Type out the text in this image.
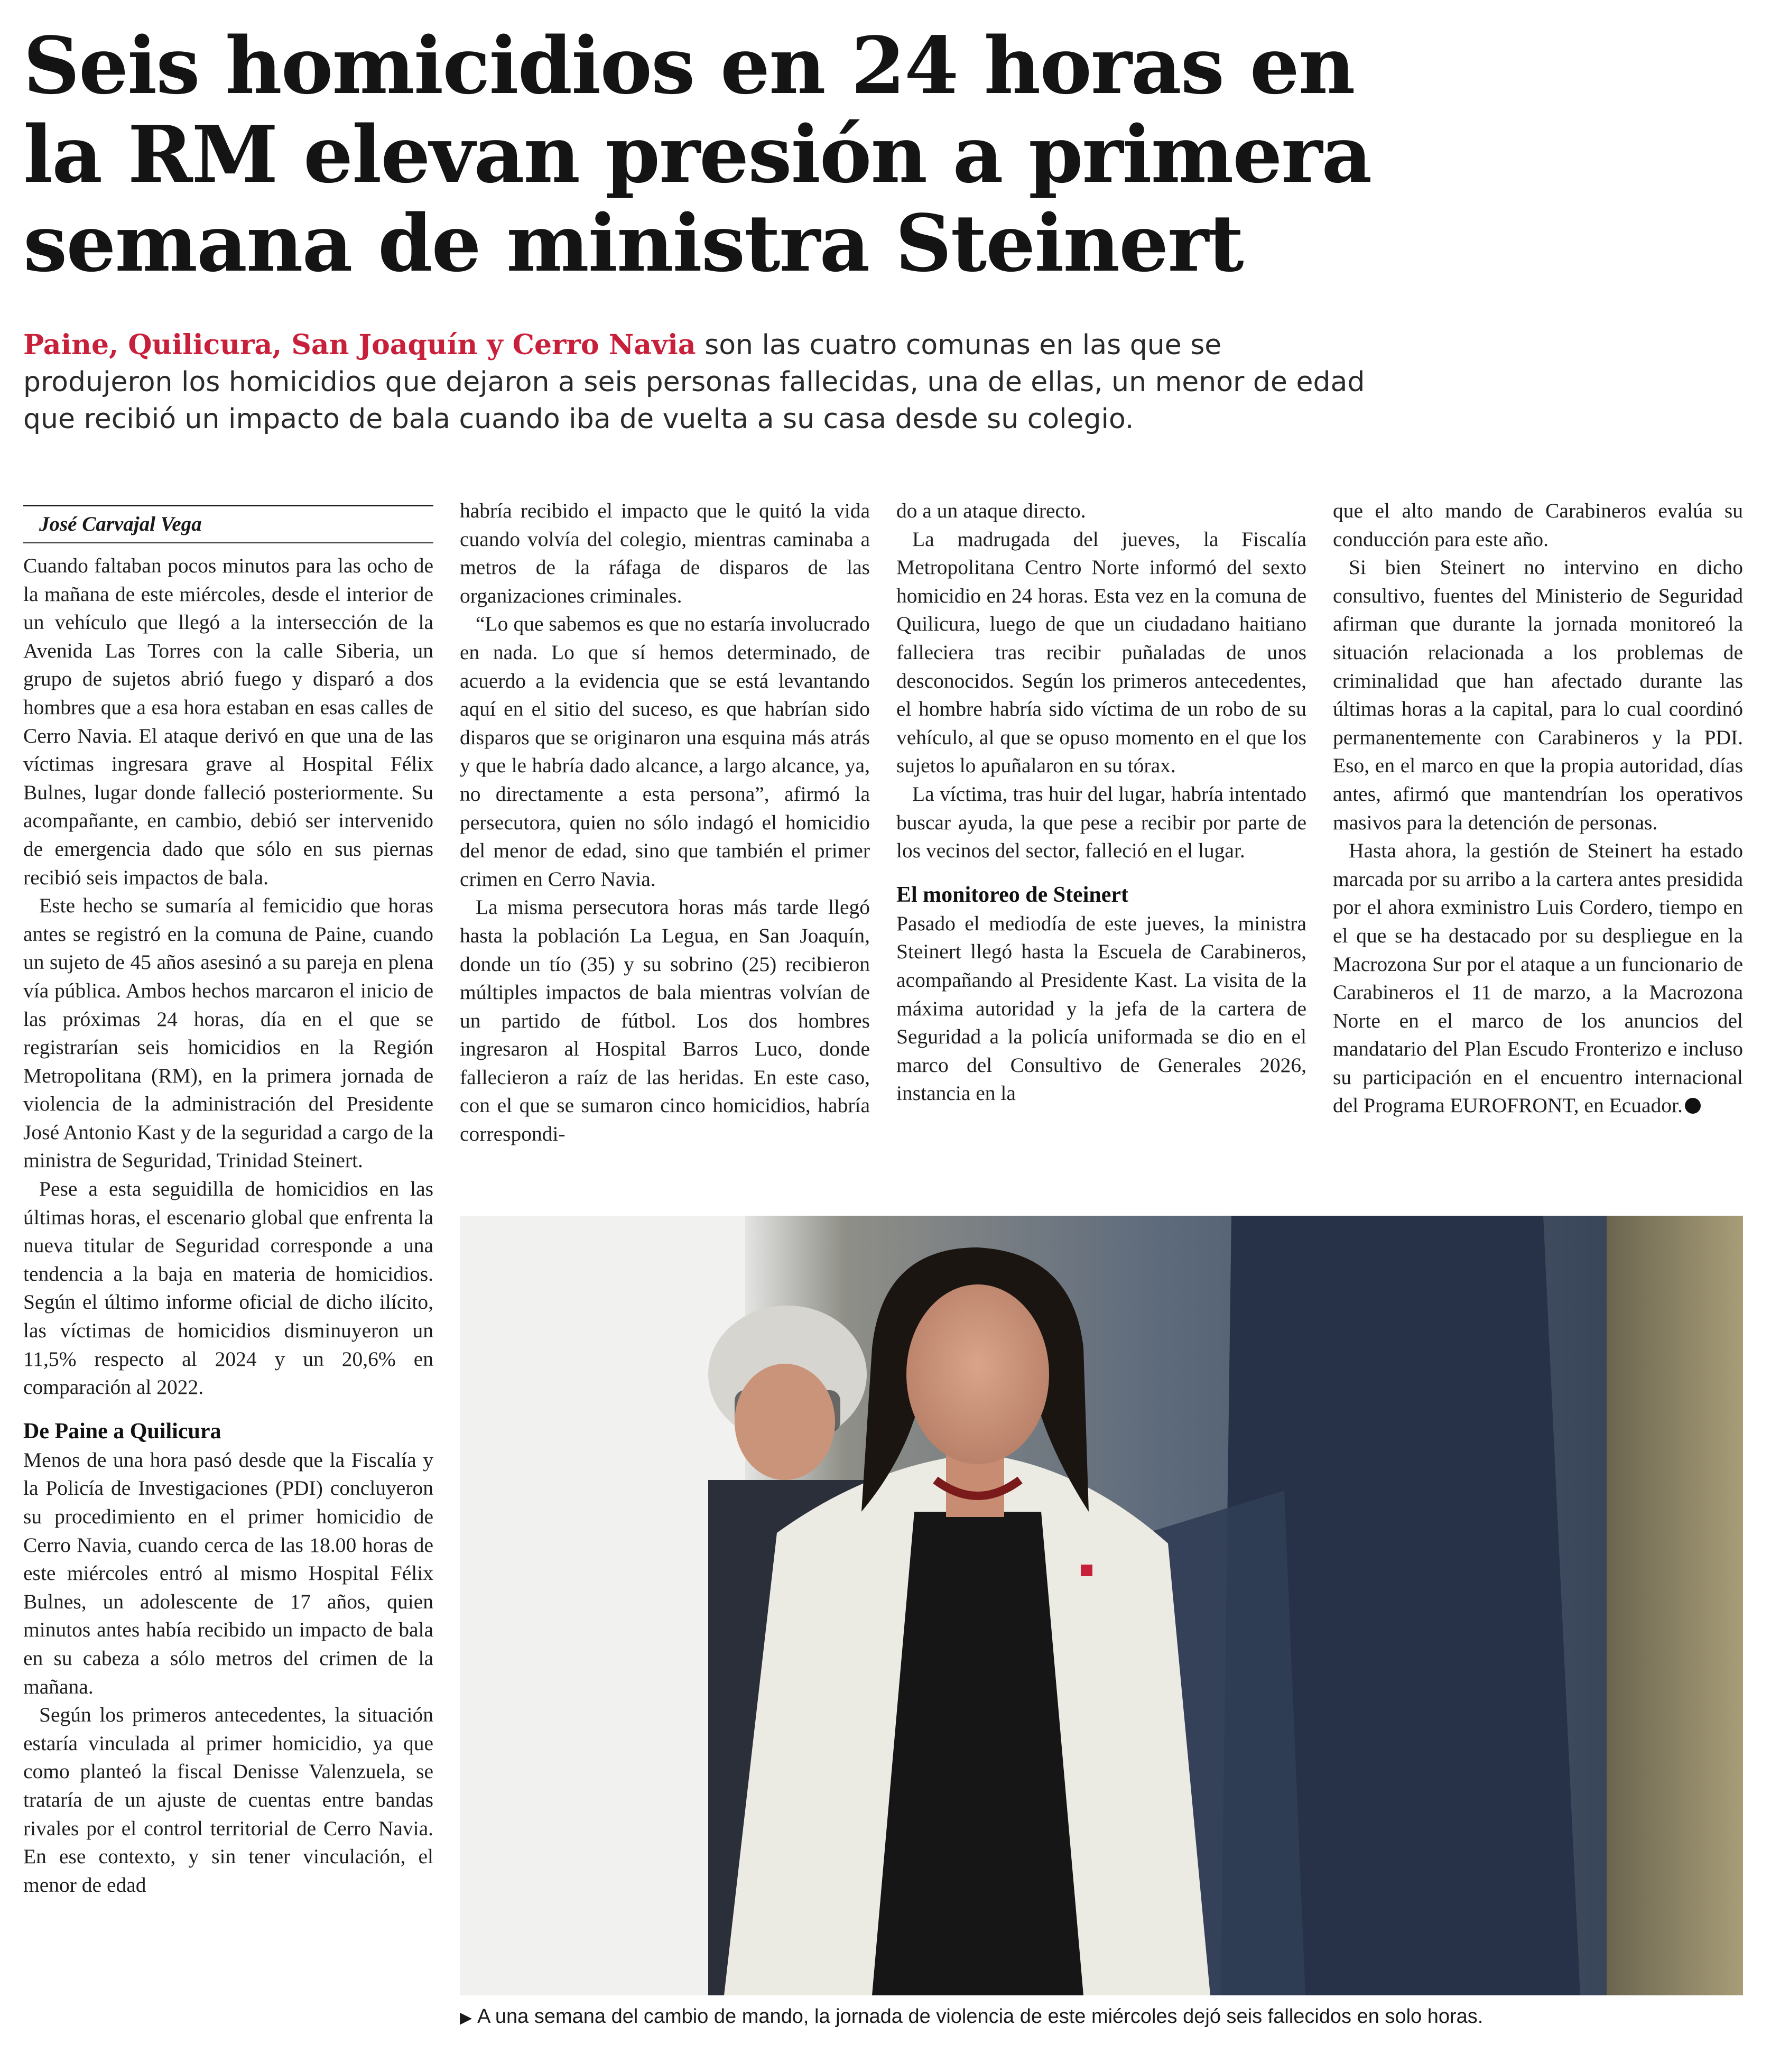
Seis homicidios en 24 horas en la RM elevan presión a primera semana de ministra Steinert

Paine, Quilicura, San Joaquín y Cerro Navia son las cuatro comunas en las que se produjeron los homicidios que dejaron a seis personas fallecidas, una de ellas, un menor de edad que recibió un impacto de bala cuando iba de vuelta a su casa desde su colegio.

José Carvajal Vega

Cuando faltaban pocos minutos para las ocho de la mañana de este miércoles, desde el interior de un vehículo que llegó a la intersección de la Avenida Las Torres con la calle Siberia, un grupo de sujetos abrió fuego y disparó a dos hombres que a esa hora estaban en esas calles de Cerro Navia. El ataque derivó en que una de las víctimas ingresara grave al Hospital Félix Bulnes, lugar donde falleció posteriormente. Su acompañante, en cambio, debió ser intervenido de emergencia dado que sólo en sus piernas recibió seis impactos de bala.

Este hecho se sumaría al femicidio que horas antes se registró en la comuna de Paine, cuando un sujeto de 45 años asesinó a su pareja en plena vía pública. Ambos hechos marcaron el inicio de las próximas 24 horas, día en el que se registrarían seis homicidios en la Región Metropolitana (RM), en la primera jornada de violencia de la administración del Presidente José Antonio Kast y de la seguridad a cargo de la ministra de Seguridad, Trinidad Steinert.

Pese a esta seguidilla de homicidios en las últimas horas, el escenario global que enfrenta la nueva titular de Seguridad corresponde a una tendencia a la baja en materia de homicidios. Según el último informe oficial de dicho ilícito, las víctimas de homicidios disminuyeron un 11,5% respecto al 2024 y un 20,6% en comparación al 2022.

De Paine a Quilicura

Menos de una hora pasó desde que la Fiscalía y la Policía de Investigaciones (PDI) concluyeron su procedimiento en el primer homicidio de Cerro Navia, cuando cerca de las 18.00 horas de este miércoles entró al mismo Hospital Félix Bulnes, un adolescente de 17 años, quien minutos antes había recibido un impacto de bala en su cabeza a sólo metros del crimen de la mañana.

Según los primeros antecedentes, la situación estaría vinculada al primer homicidio, ya que como planteó la fiscal Denisse Valenzuela, se trataría de un ajuste de cuentas entre bandas rivales por el control territorial de Cerro Navia. En ese contexto, y sin tener vinculación, el menor de edad

habría recibido el impacto que le quitó la vida cuando volvía del colegio, mientras caminaba a metros de la ráfaga de disparos de las organizaciones criminales.

“Lo que sabemos es que no estaría involucrado en nada. Lo que sí hemos determinado, de acuerdo a la evidencia que se está levantando aquí en el sitio del suceso, es que habrían sido disparos que se originaron una esquina más atrás y que le habría dado alcance, a largo alcance, ya, no directamente a esta persona”, afirmó la persecutora, quien no sólo indagó el homicidio del menor de edad, sino que también el primer crimen en Cerro Navia.

La misma persecutora horas más tarde llegó hasta la población La Legua, en San Joaquín, donde un tío (35) y su sobrino (25) recibieron múltiples impactos de bala mientras volvían de un partido de fútbol. Los dos hombres ingresaron al Hospital Barros Luco, donde fallecieron a raíz de las heridas. En este caso, con el que se sumaron cinco homicidios, habría correspondi-

do a un ataque directo.

La madrugada del jueves, la Fiscalía Metropolitana Centro Norte informó del sexto homicidio en 24 horas. Esta vez en la comuna de Quilicura, luego de que un ciudadano haitiano falleciera tras recibir puñaladas de unos desconocidos. Según los primeros antecedentes, el hombre habría sido víctima de un robo de su vehículo, al que se opuso momento en el que los sujetos lo apuñalaron en su tórax.

La víctima, tras huir del lugar, habría intentado buscar ayuda, la que pese a recibir por parte de los vecinos del sector, falleció en el lugar.

El monitoreo de Steinert

Pasado el mediodía de este jueves, la ministra Steinert llegó hasta la Escuela de Carabineros, acompañando al Presidente Kast. La visita de la máxima autoridad y la jefa de la cartera de Seguridad a la policía uniformada se dio en el marco del Consultivo de Generales 2026, instancia en la

que el alto mando de Carabineros evalúa su conducción para este año.

Si bien Steinert no intervino en dicho consultivo, fuentes del Ministerio de Seguridad afirman que durante la jornada monitoreó la situación relacionada a los problemas de criminalidad que han afectado durante las últimas horas a la capital, para lo cual coordinó permanentemente con Carabineros y la PDI. Eso, en el marco en que la propia autoridad, días antes, afirmó que mantendrían los operativos masivos para la detención de personas.

Hasta ahora, la gestión de Steinert ha estado marcada por su arribo a la cartera antes presidida por el ahora exministro Luis Cordero, tiempo en el que se ha destacado por su despliegue en la Macrozona Sur por el ataque a un funcionario de Carabineros el 11 de marzo, a la Macrozona Norte en el marco de los anuncios del mandatario del Plan Escudo Fronterizo e incluso su participación en el encuentro internacional del Programa EUROFRONT, en Ecuador.

▶ A una semana del cambio de mando, la jornada de violencia de este miércoles dejó seis fallecidos en solo horas.
